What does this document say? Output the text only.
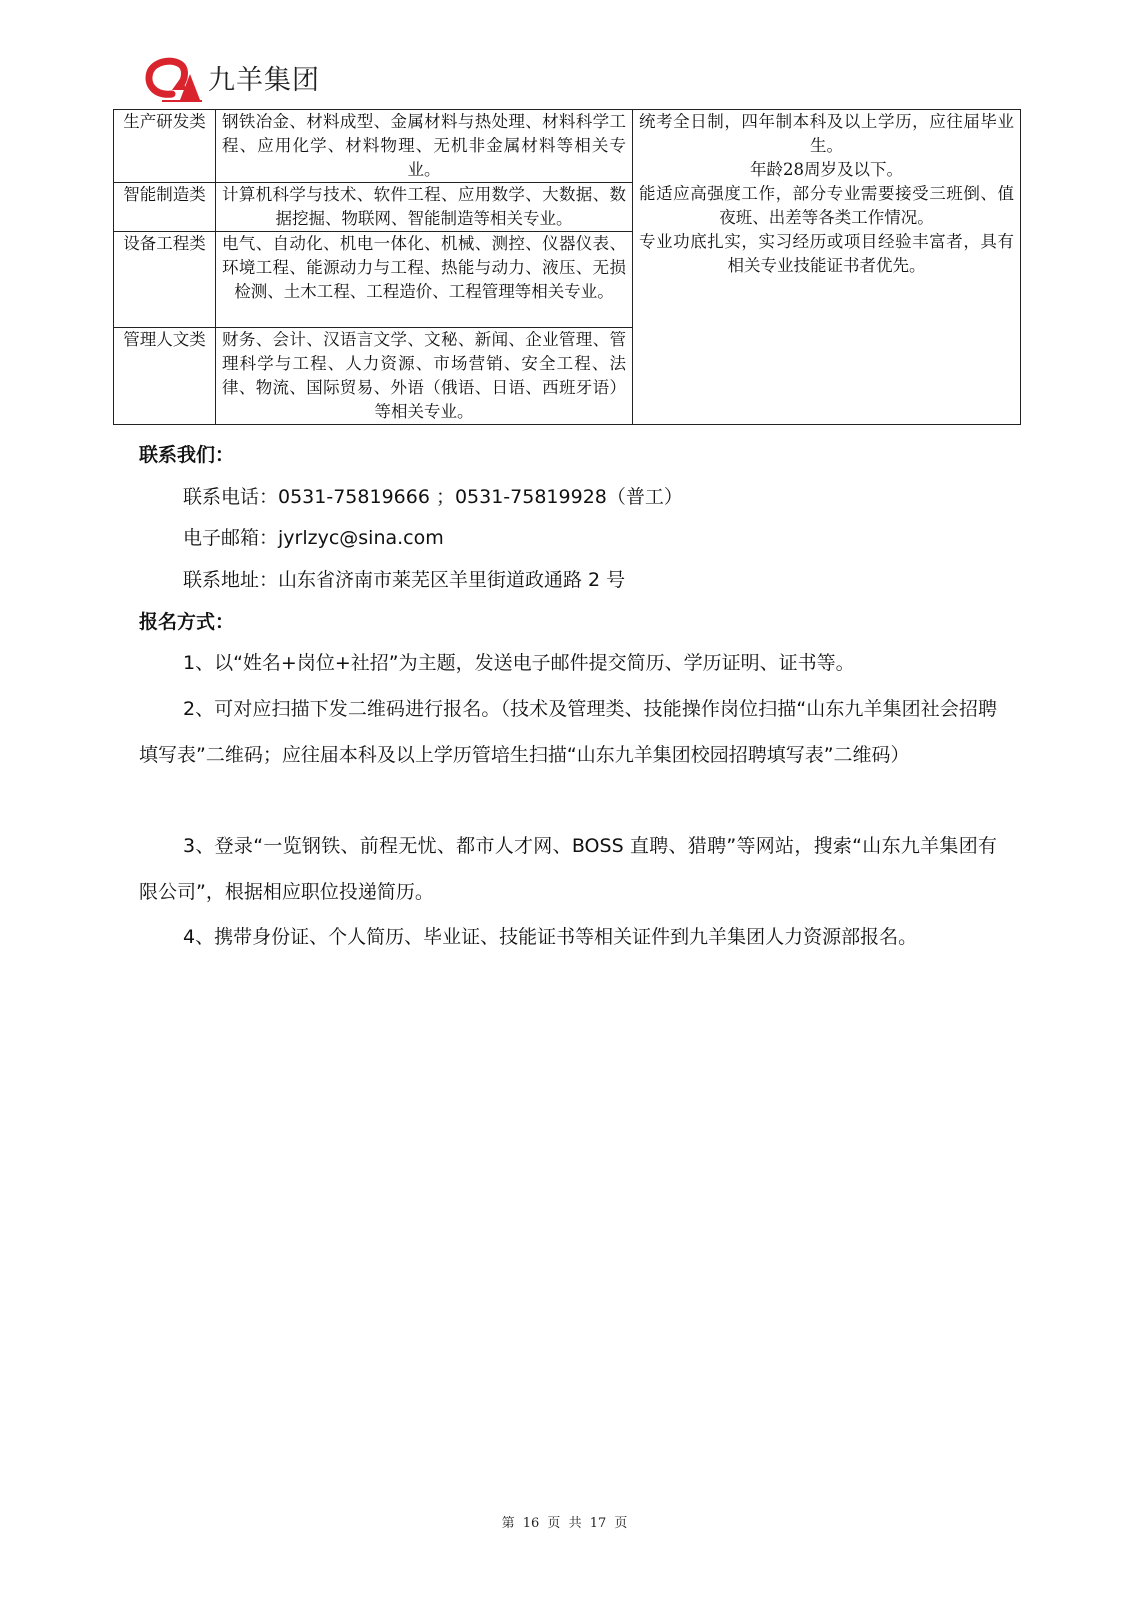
九羊集团
生产研发类	钢铁冶金、材料成型、金属材料与热处理、材料科学工程、应用化学、材料物理、无机非金属材料等相关专业。	统考全日制，四年制本科及以上学历，应往届毕业生。
年龄28周岁及以下。
能适应高强度工作，部分专业需要接受三班倒、值夜班、出差等各类工作情况。
专业功底扎实，实习经历或项目经验丰富者，具有相关专业技能证书者优先。

智能制造类	计算机科学与技术、软件工程、应用数学、大数据、数据挖掘、物联网、智能制造等相关专业。	
设备工程类	电气、自动化、机电一体化、机械、测控、仪器仪表、环境工程、能源动力与工程、热能与动力、液压、无损检测、土木工程、工程造价、工程管理等相关专业。	
管理人文类	财务、会计、汉语言文学、文秘、新闻、企业管理、管理科学与工程、人力资源、市场营销、安全工程、法律、物流、国际贸易、外语（俄语、日语、西班牙语）等相关专业。	

联系我们：

联系电话：0531-75819666 ；0531-75819928（普工）

电子邮箱：jyrlzyc@sina.com

联系地址：山东省济南市莱芜区羊里街道政通路 2 号

报名方式：

1、以“姓名+岗位+社招”为主题，发送电子邮件提交简历、学历证明、证书等。

2、可对应扫描下发二维码进行报名。（技术及管理类、技能操作岗位扫描“山东九羊集团社会招聘填写表”二维码；应往届本科及以上学历管培生扫描“山东九羊集团校园招聘填写表”二维码）

3、登录“一览钢铁、前程无忧、都市人才网、BOSS 直聘、猎聘”等网站，搜索“山东九羊集团有限公司”，根据相应职位投递简历。

4、携带身份证、个人简历、毕业证、技能证书等相关证件到九羊集团人力资源部报名。

第 16 页 共 17 页
